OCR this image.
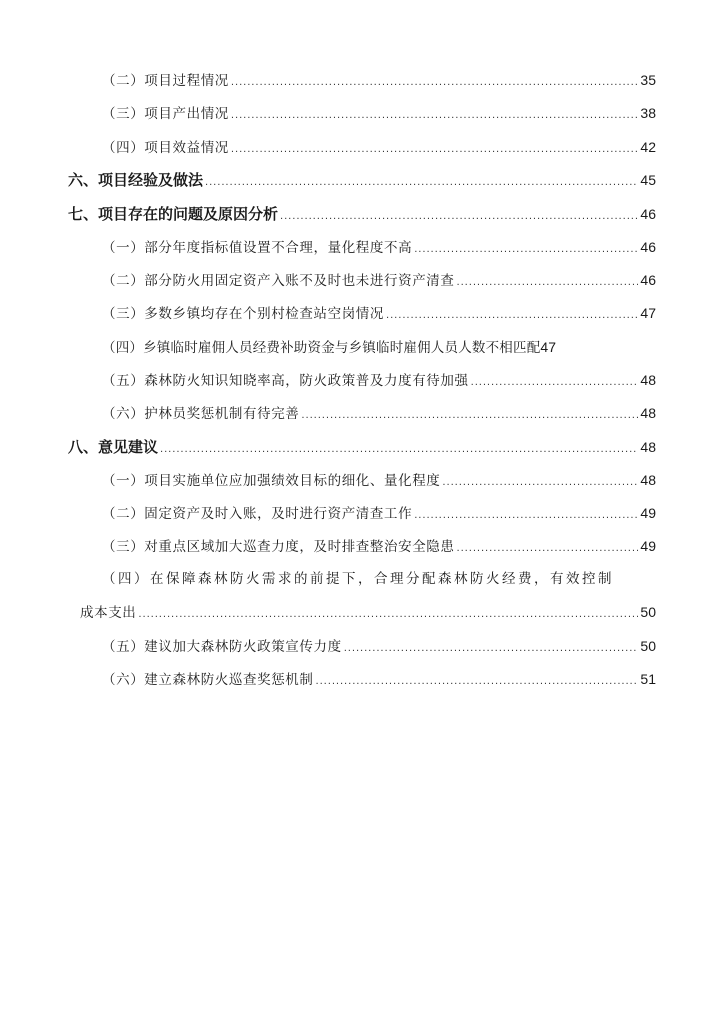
（二）项目过程情况 .....	35
（三）项目产出情况 .....	38
（四）项目效益情况 .....	42
六、项目经验及做法 .....	45
七、项目存在的问题及原因分析 .....	46
（一）部分年度指标值设置不合理，量化程度不高 .....	46
（二）部分防火用固定资产入账不及时也未进行资产清查 .....	46
（三）多数乡镇均存在个别村检查站空岗情况 .....	47
（四）乡镇临时雇佣人员经费补助资金与乡镇临时雇佣人员人数不相匹配 47
（五）森林防火知识知晓率高，防火政策普及力度有待加强 .....	48
（六）护林员奖惩机制有待完善 .....	48
八、意见建议 .....	48
（一）项目实施单位应加强绩效目标的细化、量化程度 .....	48
（二）固定资产及时入账，及时进行资产清查工作 .....	49
（三）对重点区域加大巡查力度，及时排查整治安全隐患 .....	49
（四）在保障森林防火需求的前提下，合理分配森林防火经费，有效控制
成本支出 .....	50
（五）建议加大森林防火政策宣传力度 .....	50
（六）建立森林防火巡查奖惩机制 .....	51
